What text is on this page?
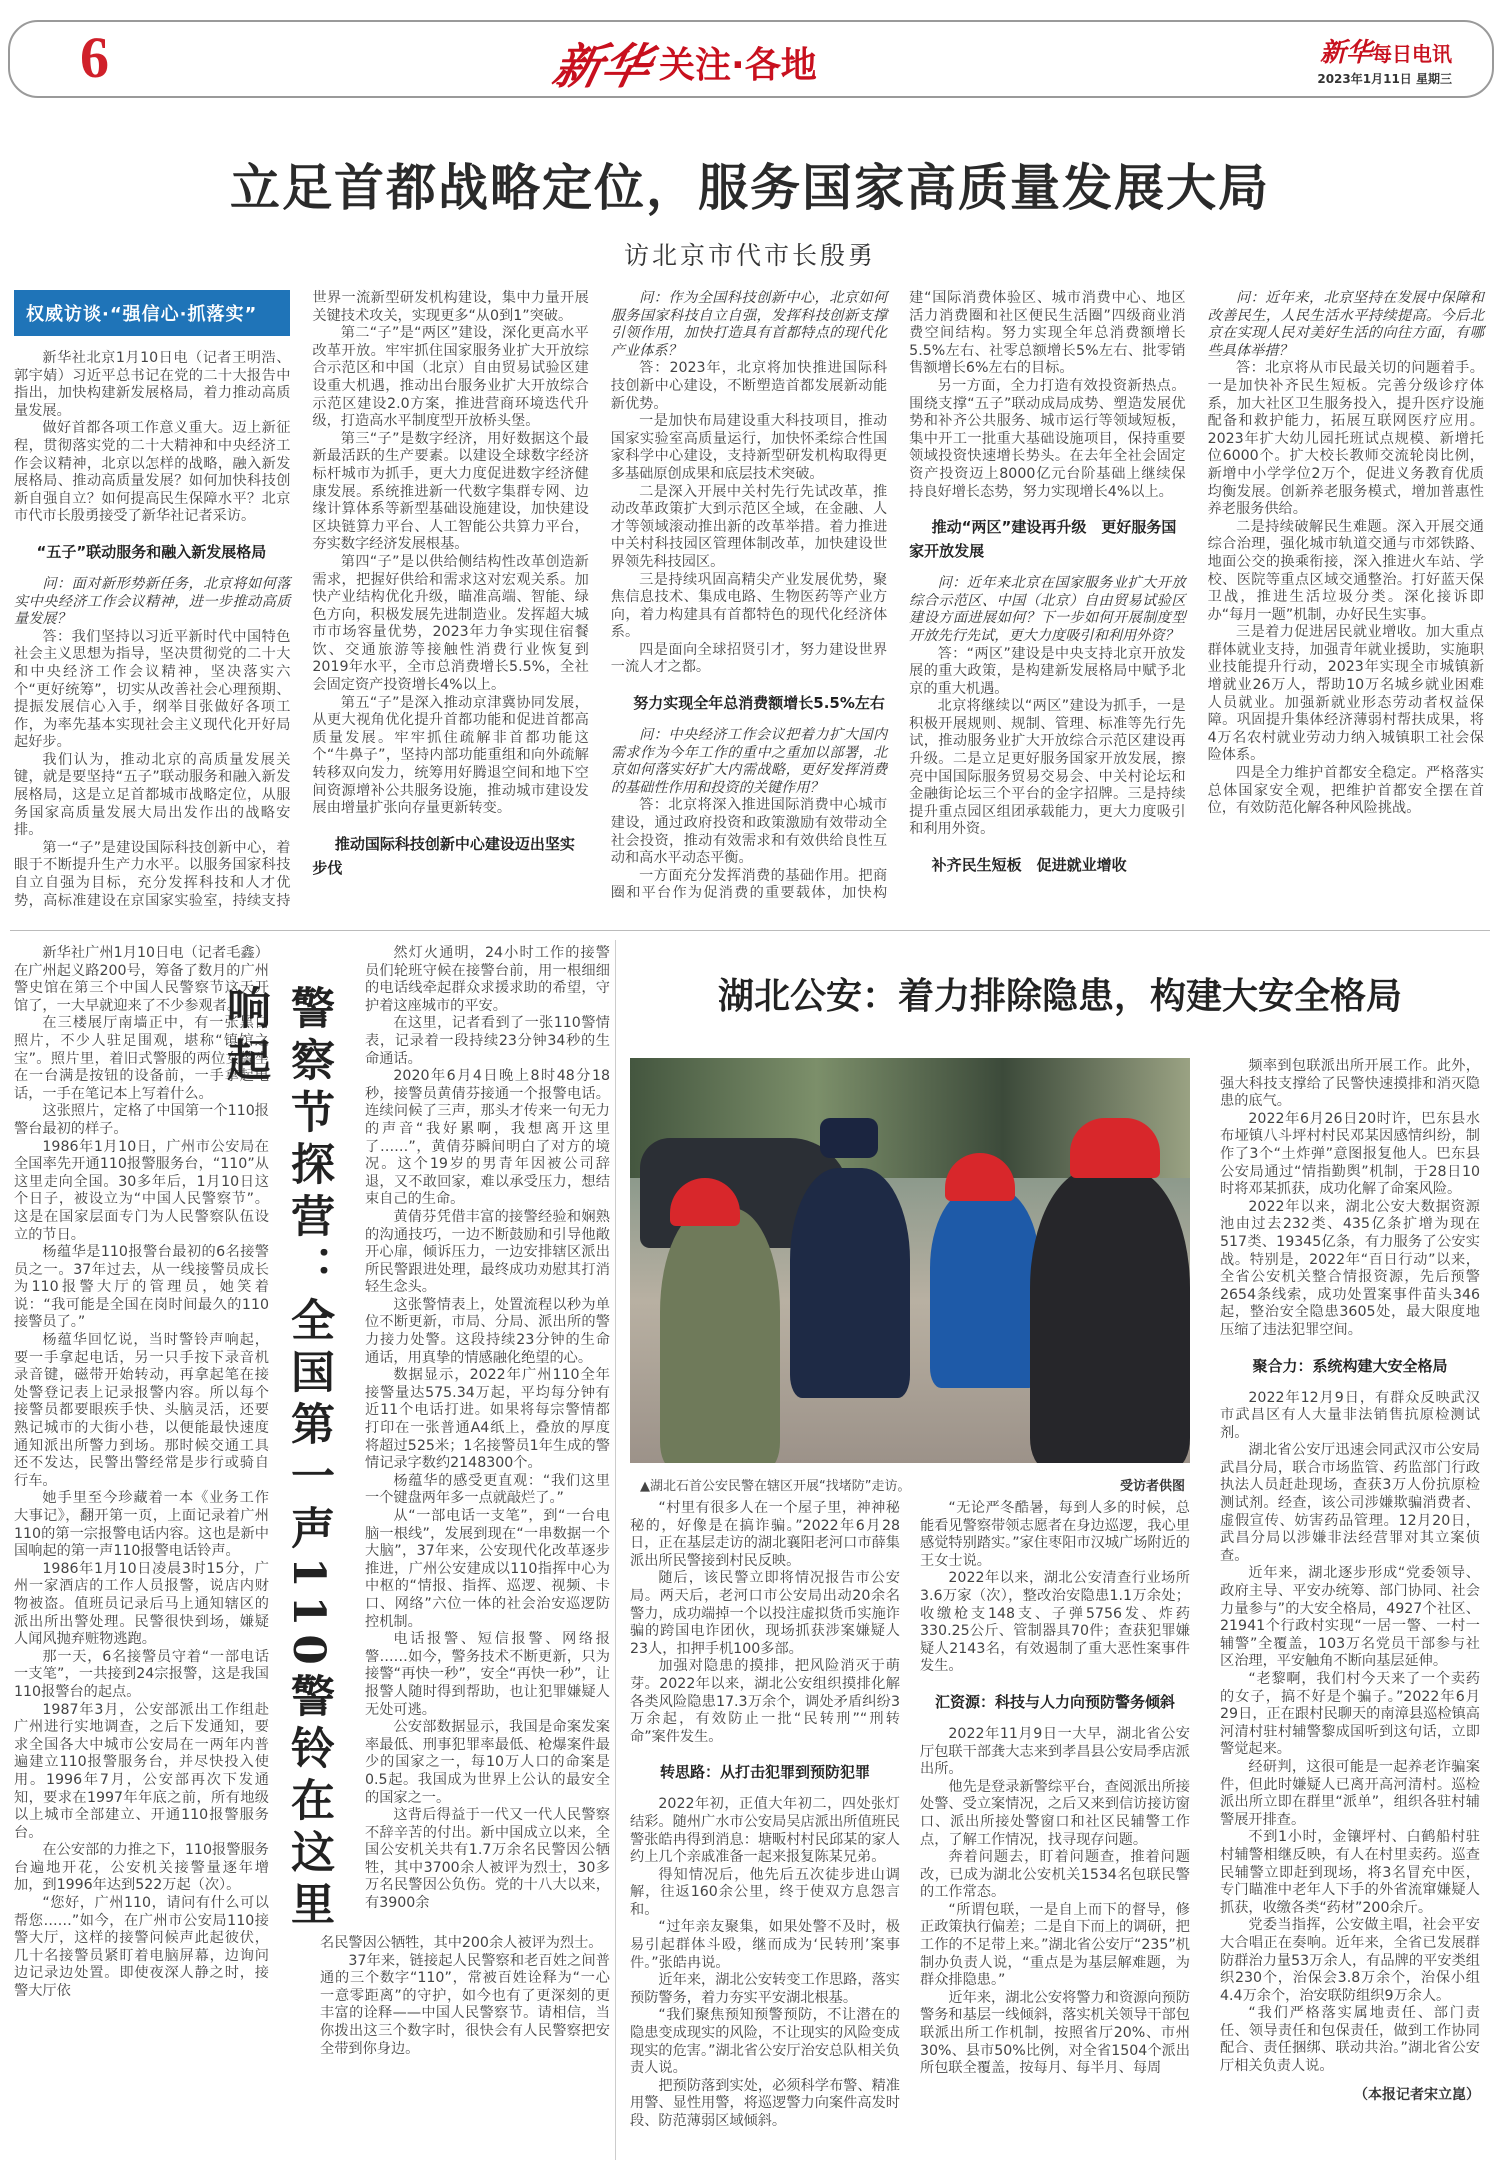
6	新华 关注·各地	新华每日电讯
2023年1月11日 星期三
立足首都战略定位，服务国家高质量发展大局
访北京市代市长殷勇
权威访谈·“强信心·抓落实”

新华社北京1月10日电（记者王明浩、郭宇婧）习近平总书记在党的二十大报告中指出，加快构建新发展格局，着力推动高质量发展。

做好首都各项工作意义重大。迈上新征程，贯彻落实党的二十大精神和中央经济工作会议精神，北京以怎样的战略，融入新发展格局、推动高质量发展？如何加快科技创新自强自立？如何提高民生保障水平？北京市代市长殷勇接受了新华社记者采访。

“五子”联动服务和融入新发展格局

问：面对新形势新任务，北京将如何落实中央经济工作会议精神，进一步推动高质量发展？

答：我们坚持以习近平新时代中国特色社会主义思想为指导，坚决贯彻党的二十大和中央经济工作会议精神，坚决落实六个“更好统筹”，切实从改善社会心理预期、提振发展信心入手，纲举目张做好各项工作，为率先基本实现社会主义现代化开好局起好步。

我们认为，推动北京的高质量发展关键，就是要坚持“五子”联动服务和融入新发展格局，这是立足首都城市战略定位，从服务国家高质量发展大局出发作出的战略安排。

第一“子”是建设国际科技创新中心，着眼于不断提升生产力水平。以服务国家科技自立自强为目标，充分发挥科技和人才优势，高标准建设在京国家实验室，持续支持世界一流新型研发机构建设，集中力量开展关键技术攻关，实现更多“从0到1”突破。

第二“子”是“两区”建设，深化更高水平改革开放。牢牢抓住国家服务业扩大开放综合示范区和中国（北京）自由贸易试验区建设重大机遇，推动出台服务业扩大开放综合示范区建设2.0方案，推进营商环境迭代升级，打造高水平制度型开放桥头堡。

第三“子”是数字经济，用好数据这个最新最活跃的生产要素。以建设全球数字经济标杆城市为抓手，更大力度促进数字经济健康发展。系统推进新一代数字集群专网、边缘计算体系等新型基础设施建设，加快建设区块链算力平台、人工智能公共算力平台，夯实数字经济发展根基。

第四“子”是以供给侧结构性改革创造新需求，把握好供给和需求这对宏观关系。加快产业结构优化升级，瞄准高端、智能、绿色方向，积极发展先进制造业。发挥超大城市市场容量优势，2023年力争实现住宿餐饮、交通旅游等接触性消费行业恢复到2019年水平，全市总消费增长5.5%，全社会固定资产投资增长4%以上。

第五“子”是深入推动京津冀协同发展，从更大视角优化提升首都功能和促进首都高质量发展。牢牢抓住疏解非首都功能这个“牛鼻子”，坚持内部功能重组和向外疏解转移双向发力，统筹用好腾退空间和地下空间资源增补公共服务设施，推动城市建设发展由增量扩张向存量更新转变。

推动国际科技创新中心建设迈出坚实步伐

问：作为全国科技创新中心，北京如何服务国家科技自立自强，发挥科技创新支撑引领作用，加快打造具有首都特点的现代化产业体系？

答：2023年，北京将加快推进国际科技创新中心建设，不断塑造首都发展新动能新优势。

一是加快布局建设重大科技项目，推动国家实验室高质量运行，加快怀柔综合性国家科学中心建设，支持新型研发机构取得更多基础原创成果和底层技术突破。

二是深入开展中关村先行先试改革，推动改革政策扩大到示范区全域，在金融、人才等领域滚动推出新的改革举措。着力推进中关村科技园区管理体制改革，加快建设世界领先科技园区。

三是持续巩固高精尖产业发展优势，聚焦信息技术、集成电路、生物医药等产业方向，着力构建具有首都特色的现代化经济体系。

四是面向全球招贤引才，努力建设世界一流人才之都。

努力实现全年总消费额增长5.5%左右

问：中央经济工作会议把着力扩大国内需求作为今年工作的重中之重加以部署，北京如何落实好扩大内需战略，更好发挥消费的基础性作用和投资的关键作用？

答：北京将深入推进国际消费中心城市建设，通过政府投资和政策激励有效带动全社会投资，推动有效需求和有效供给良性互动和高水平动态平衡。

一方面充分发挥消费的基础作用。把商圈和平台作为促消费的重要载体，加快构建“国际消费体验区、城市消费中心、地区活力消费圈和社区便民生活圈”四级商业消费空间结构。努力实现全年总消费额增长5.5%左右、社零总额增长5%左右、批零销售额增长6%左右的目标。

另一方面，全力打造有效投资新热点。围绕支撑“五子”联动成局成势、塑造发展优势和补齐公共服务、城市运行等领域短板，集中开工一批重大基础设施项目，保持重要领域投资快速增长势头。在去年全社会固定资产投资迈上8000亿元台阶基础上继续保持良好增长态势，努力实现增长4%以上。

推动“两区”建设再升级　更好服务国家开放发展

问：近年来北京在国家服务业扩大开放综合示范区、中国（北京）自由贸易试验区建设方面进展如何？下一步如何开展制度型开放先行先试，更大力度吸引和利用外资？

答：“两区”建设是中央支持北京开放发展的重大政策，是构建新发展格局中赋予北京的重大机遇。

北京将继续以“两区”建设为抓手，一是积极开展规则、规制、管理、标准等先行先试，推动服务业扩大开放综合示范区建设再升级。二是立足更好服务国家开放发展，擦亮中国国际服务贸易交易会、中关村论坛和金融街论坛三个平台的金字招牌。三是持续提升重点园区组团承载能力，更大力度吸引和利用外资。

补齐民生短板　促进就业增收

问：近年来，北京坚持在发展中保障和改善民生，人民生活水平持续提高。今后北京在实现人民对美好生活的向往方面，有哪些具体举措？

答：北京将从市民最关切的问题着手。一是加快补齐民生短板。完善分级诊疗体系，加大社区卫生服务投入，提升医疗设施配备和救护能力，拓展互联网医疗应用。2023年扩大幼儿园托班试点规模、新增托位6000个。扩大校长教师交流轮岗比例，新增中小学学位2万个，促进义务教育优质均衡发展。创新养老服务模式，增加普惠性养老服务供给。

二是持续破解民生难题。深入开展交通综合治理，强化城市轨道交通与市郊铁路、地面公交的换乘衔接，深入推进火车站、学校、医院等重点区域交通整治。打好蓝天保卫战，推进生活垃圾分类。深化接诉即办“每月一题”机制，办好民生实事。

三是着力促进居民就业增收。加大重点群体就业支持，加强青年就业援助，实施职业技能提升行动，2023年实现全市城镇新增就业26万人，帮助10万名城乡就业困难人员就业。加强新就业形态劳动者权益保障。巩固提升集体经济薄弱村帮扶成果，将4万名农村就业劳动力纳入城镇职工社会保险体系。

四是全力维护首都安全稳定。严格落实总体国家安全观，把维护首都安全摆在首位，有效防范化解各种风险挑战。

新华社广州1月10日电（记者毛鑫）在广州起义路200号，筹备了数月的广州警史馆在第三个中国人民警察节这天开馆了，一大早就迎来了不少参观者。

在三楼展厅南墙正中，有一张黑白照片，不少人驻足围观，堪称“镇馆之宝”。照片里，着旧式警服的两位女警坐在一台满是按钮的设备前，一手拿起电话，一手在笔记本上写着什么。

这张照片，定格了中国第一个110报警台最初的样子。

1986年1月10日，广州市公安局在全国率先开通110报警服务台，“110”从这里走向全国。30多年后，1月10日这个日子，被设立为“中国人民警察节”。这是在国家层面专门为人民警察队伍设立的节日。

杨蕴华是110报警台最初的6名接警员之一。37年过去，从一线接警员成长为110报警大厅的管理员，她笑着说：“我可能是全国在岗时间最久的110接警员了。”

杨蕴华回忆说，当时警铃声响起，要一手拿起电话，另一只手按下录音机录音键，磁带开始转动，再拿起笔在接处警登记表上记录报警内容。所以每个接警员都要眼疾手快、头脑灵活，还要熟记城市的大街小巷，以便能最快速度通知派出所警力到场。那时候交通工具还不发达，民警出警经常是步行或骑自行车。

她手里至今珍藏着一本《业务工作大事记》，翻开第一页，上面记录着广州110的第一宗报警电话内容。这也是新中国响起的第一声110报警电话铃声。

1986年1月10日凌晨3时15分，广州一家酒店的工作人员报警，说店内财物被盗。值班员记录后马上通知辖区的派出所出警处理。民警很快到场，嫌疑人闻风抛弃赃物逃跑。

那一天，6名接警员守着“一部电话一支笔”，一共接到24宗报警，这是我国110报警台的起点。

1987年3月，公安部派出工作组赴广州进行实地调查，之后下发通知，要求全国各大中城市公安局在一两年内普遍建立110报警服务台，并尽快投入使用。1996年7月，公安部再次下发通知，要求在1997年年底之前，所有地级以上城市全部建立、开通110报警服务台。

在公安部的力推之下，110报警服务台遍地开花，公安机关接警量逐年增加，到1996年达到522万起（次）。

“您好，广州110，请问有什么可以帮您……”如今，在广州市公安局110接警大厅，这样的接警问候声此起彼伏，几十名接警员紧盯着电脑屏幕，边询问边记录边处置。即使夜深人静之时，接警大厅依

警察节探营：全国第一声110警铃在这里响起

然灯火通明，24小时工作的接警员们轮班守候在接警台前，用一根细细的电话线牵起群众求援求助的希望，守护着这座城市的平安。

在这里，记者看到了一张110警情表，记录着一段持续23分钟34秒的生命通话。

2020年6月4日晚上8时48分18秒，接警员黄倩芬接通一个报警电话。连续问候了三声，那头才传来一句无力的声音“我好累啊，我想离开这里了……”，黄倩芬瞬间明白了对方的境况。这个19岁的男青年因被公司辞退，又不敢回家，难以承受压力，想结束自己的生命。

黄倩芬凭借丰富的接警经验和娴熟的沟通技巧，一边不断鼓励和引导他敞开心扉，倾诉压力，一边安排辖区派出所民警跟进处理，最终成功劝慰其打消轻生念头。

这张警情表上，处置流程以秒为单位不断更新，市局、分局、派出所的警力接力处警。这段持续23分钟的生命通话，用真挚的情感融化绝望的心。

数据显示，2022年广州110全年接警量达575.34万起，平均每分钟有近11个电话打进。如果将每宗警情都打印在一张普通A4纸上，叠放的厚度将超过525米；1名接警员1年生成的警情记录字数约2148300个。

杨蕴华的感受更直观：“我们这里一个键盘两年多一点就敲烂了。”

从“一部电话一支笔”，到“一台电脑一根线”，发展到现在“一串数据一个大脑”，37年来，公安现代化改革逐步推进，广州公安建成以110指挥中心为中枢的“情报、指挥、巡逻、视频、卡口、网络”六位一体的社会治安巡逻防控机制。

电话报警、短信报警、网络报警……如今，警务技术不断更新，只为接警“再快一秒”，安全“再快一秒”，让报警人随时得到帮助，也让犯罪嫌疑人无处可逃。

公安部数据显示，我国是命案发案率最低、刑事犯罪率最低、枪爆案件最少的国家之一，每10万人口的命案是0.5起。我国成为世界上公认的最安全的国家之一。

这背后得益于一代又一代人民警察不辞辛苦的付出。新中国成立以来，全国公安机关共有1.7万余名民警因公牺牲，其中3700余人被评为烈士，30多万名民警因公负伤。党的十八大以来，有3900余

名民警因公牺牲，其中200余人被评为烈士。

37年来，链接起人民警察和老百姓之间普通的三个数字“110”，常被百姓诠释为“一心一意零距离”的守护，如今也有了更深刻的更丰富的诠释——中国人民警察节。请相信，当你拨出这三个数字时，很快会有人民警察把安全带到你身边。

湖北公安：着力排除隐患，构建大安全格局
▲湖北石首公安民警在辖区开展“找堵防”走访。	受访者供图

“村里有很多人在一个屋子里，神神秘秘的，好像是在搞诈骗。”2022年6月28日，正在基层走访的湖北襄阳老河口市薛集派出所民警接到村民反映。

随后，该民警立即将情况报告市公安局。两天后，老河口市公安局出动20余名警力，成功端掉一个以投注虚拟货币实施诈骗的跨国电诈团伙，现场抓获涉案嫌疑人23人，扣押手机100多部。

加强对隐患的摸排，把风险消灭于萌芽。2022年以来，湖北公安组织摸排化解各类风险隐患17.3万余个，调处矛盾纠纷3万余起，有效防止一批“民转刑”“刑转命”案件发生。

转思路：从打击犯罪到预防犯罪

2022年初，正值大年初二，四处张灯结彩。随州广水市公安局吴店派出所值班民警张皓冉得到消息：塘畈村村民邱某的家人约上几个亲戚准备一起来报复陈某兄弟。

得知情况后，他先后五次徒步进山调解，往返160余公里，终于使双方息怨言和。

“过年亲友聚集，如果处警不及时，极易引起群体斗殴，继而成为‘民转刑’案事件。”张皓冉说。

近年来，湖北公安转变工作思路，落实预防警务，着力夯实平安湖北根基。

“我们聚焦预知预警预防，不让潜在的隐患变成现实的风险，不让现实的风险变成现实的危害。”湖北省公安厅治安总队相关负责人说。

把预防落到实处，必须科学布警、精准用警、显性用警，将巡逻警力向案件高发时段、防范薄弱区域倾斜。

“无论严冬酷暑，每到人多的时候，总能看见警察带领志愿者在身边巡逻，我心里感觉特别踏实。”家住枣阳市汉城广场附近的王女士说。

2022年以来，湖北公安清查行业场所3.6万家（次），整改治安隐患1.1万余处；收缴枪支148支、子弹5756发、炸药330.25公斤、管制器具70件；查获犯罪嫌疑人2143名，有效遏制了重大恶性案事件发生。

汇资源：科技与人力向预防警务倾斜

2022年11月9日一大早，湖北省公安厅包联干部龚大志来到孝昌县公安局季店派出所。

他先是登录新警综平台，查阅派出所接处警、受立案情况，之后又来到信访接访窗口、派出所接处警窗口和社区民辅警工作点，了解工作情况，找寻现存问题。

奔着问题去，盯着问题查，推着问题改，已成为湖北公安机关1534名包联民警的工作常态。

“所谓包联，一是自上而下的督导，修正政策执行偏差；二是自下而上的调研，把工作的不足带上来。”湖北省公安厅“235”机制办负责人说，“重点是为基层解难题，为群众排隐患。”

近年来，湖北公安将警力和资源向预防警务和基层一线倾斜，落实机关领导干部包联派出所工作机制，按照省厅20%、市州30%、县市50%比例，对全省1504个派出所包联全覆盖，按每月、每半月、每周

频率到包联派出所开展工作。此外，强大科技支撑给了民警快速摸排和消灭隐患的底气。

2022年6月26日20时许，巴东县水布垭镇八斗坪村村民邓某因感情纠纷，制作了3个“土炸弹”意图报复他人。巴东县公安局通过“情指勤舆”机制，于28日10时将邓某抓获，成功化解了命案风险。

2022年以来，湖北公安大数据资源池由过去232类、435亿条扩增为现在517类、19345亿条，有力服务了公安实战。特别是，2022年“百日行动”以来，全省公安机关整合情报资源，先后预警2654条线索，成功处置案事件苗头346起，整治安全隐患3605处，最大限度地压缩了违法犯罪空间。

聚合力：系统构建大安全格局

2022年12月9日，有群众反映武汉市武昌区有人大量非法销售抗原检测试剂。

湖北省公安厅迅速会同武汉市公安局武昌分局，联合市场监管、药监部门行政执法人员赶赴现场，查获3万人份抗原检测试剂。经查，该公司涉嫌欺骗消费者、虚假宣传、妨害药品管理。12月20日，武昌分局以涉嫌非法经营罪对其立案侦查。

近年来，湖北逐步形成“党委领导、政府主导、平安办统筹、部门协同、社会力量参与”的大安全格局，4927个社区、21941个行政村实现“一居一警、一村一辅警”全覆盖，103万名党员干部参与社区治理，平安触角不断向基层延伸。

“老黎啊，我们村今天来了一个卖药的女子，搞不好是个骗子。”2022年6月29日，正在跟村民聊天的南漳县巡检镇高河清村驻村辅警黎成国听到这句话，立即警觉起来。

经研判，这很可能是一起养老诈骗案件，但此时嫌疑人已离开高河清村。巡检派出所立即在群里“派单”，组织各驻村辅警展开排查。

不到1小时，金镶坪村、白鹤船村驻村辅警相继反映，有人在村里卖药。巡查民辅警立即赶到现场，将3名冒充中医，专门瞄准中老年人下手的外省流窜嫌疑人抓获，收缴各类“药材”200余斤。

党委当指挥，公安做主唱，社会平安大合唱正在奏响。近年来，全省已发展群防群治力量53万余人，有品牌的平安类组织230个，治保会3.8万余个，治保小组4.4万余个，治安联防组织9万余人。

“我们严格落实属地责任、部门责任、领导责任和包保责任，做到工作协同配合、责任捆绑、联动共治。”湖北省公安厅相关负责人说。

（本报记者宋立崑）
